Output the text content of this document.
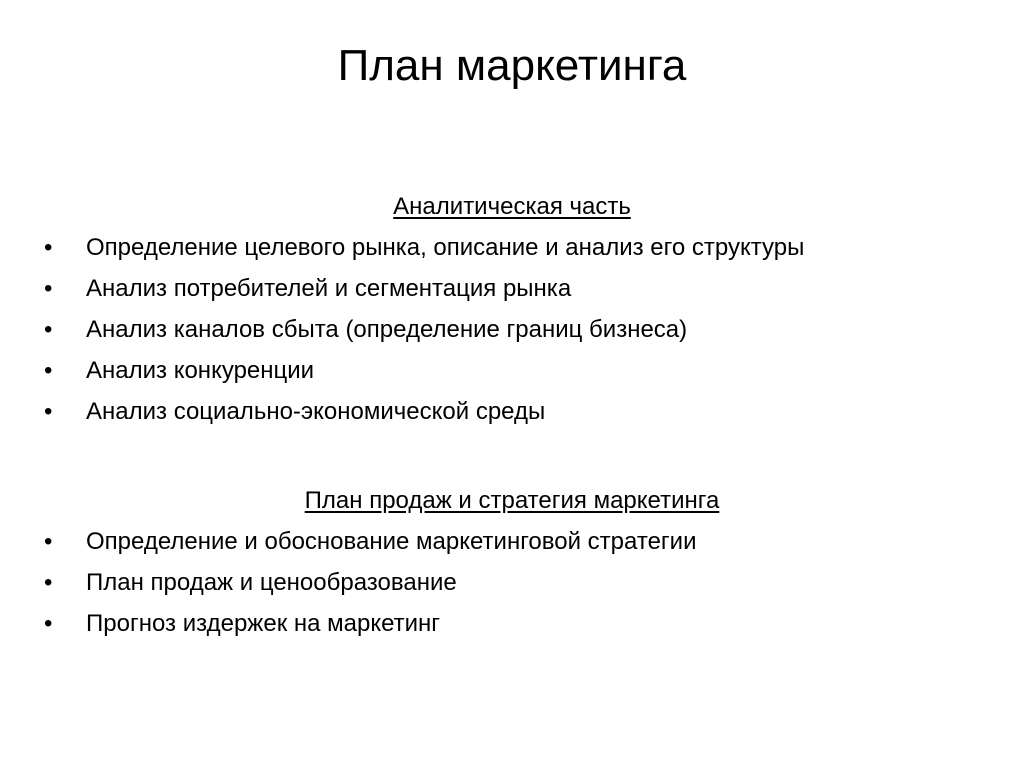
План маркетинга
Аналитическая часть
•	Определение целевого рынка, описание и анализ его структуры
•	Анализ потребителей и сегментация рынка
•	Анализ каналов сбыта (определение границ бизнеса)
•	Анализ конкуренции
•	Анализ социально-экономической среды
План продаж и стратегия маркетинга
•	Определение и обоснование маркетинговой стратегии
•	План продаж и ценообразование
•	Прогноз издержек на маркетинг
